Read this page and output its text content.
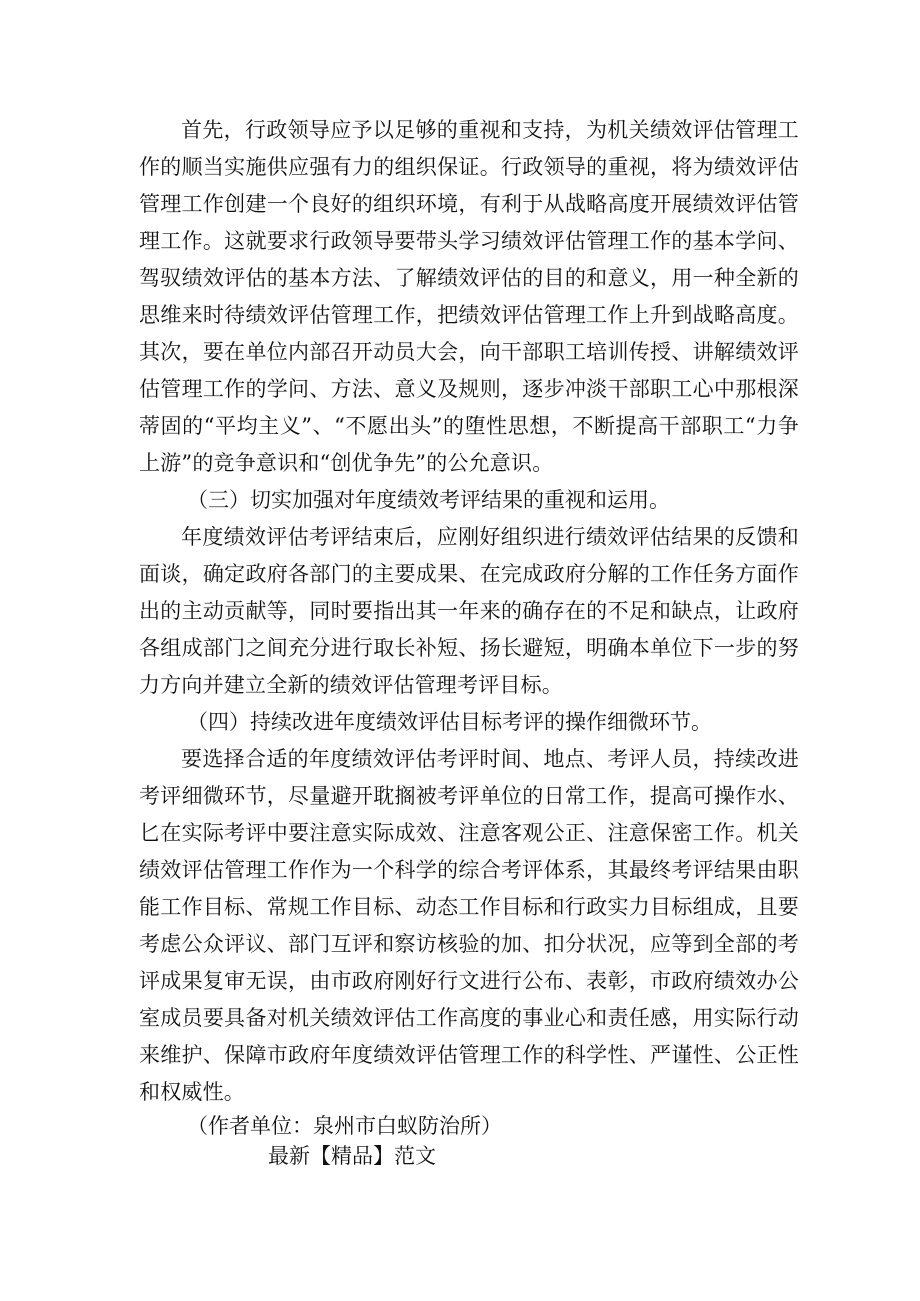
首先，行政领导应予以足够的重视和支持，为机关绩效评估管理工作的顺当实施供应强有力的组织保证。行政领导的重视，将为绩效评估管理工作创建一个良好的组织环境，有利于从战略高度开展绩效评估管理工作。这就要求行政领导要带头学习绩效评估管理工作的基本学问、驾驭绩效评估的基本方法、了解绩效评估的目的和意义，用一种全新的思维来时待绩效评估管理工作，把绩效评估管理工作上升到战略高度。其次，要在单位内部召开动员大会，向干部职工培训传授、讲解绩效评估管理工作的学问、方法、意义及规则，逐步冲淡干部职工心中那根深蒂固的“平均主义”、“不愿出头”的堕性思想，不断提高干部职工“力争上游”的竞争意识和“创优争先”的公允意识。

（三）切实加强对年度绩效考评结果的重视和运用。

年度绩效评估考评结束后，应刚好组织进行绩效评估结果的反馈和面谈，确定政府各部门的主要成果、在完成政府分解的工作任务方面作出的主动贡献等，同时要指出其一年来的确存在的不足和缺点，让政府各组成部门之间充分进行取长补短、扬长避短，明确本单位下一步的努力方向并建立全新的绩效评估管理考评目标。

（四）持续改进年度绩效评估目标考评的操作细微环节。

要选择合适的年度绩效评估考评时间、地点、考评人员，持续改进考评细微环节，尽量避开耽搁被考评单位的日常工作，提高可操作水、匕在实际考评中要注意实际成效、注意客观公正、注意保密工作。机关绩效评估管理工作作为一个科学的综合考评体系，其最终考评结果由职能工作目标、常规工作目标、动态工作目标和行政实力目标组成，且要考虑公众评议、部门互评和察访核验的加、扣分状况，应等到全部的考评成果复审无误，由市政府刚好行文进行公布、表彰，市政府绩效办公室成员要具备对机关绩效评估工作高度的事业心和责任感，用实际行动来维护、保障市政府年度绩效评估管理工作的科学性、严谨性、公正性和权威性。

（作者单位：泉州市白蚁防治所）

最新【精品】范文
